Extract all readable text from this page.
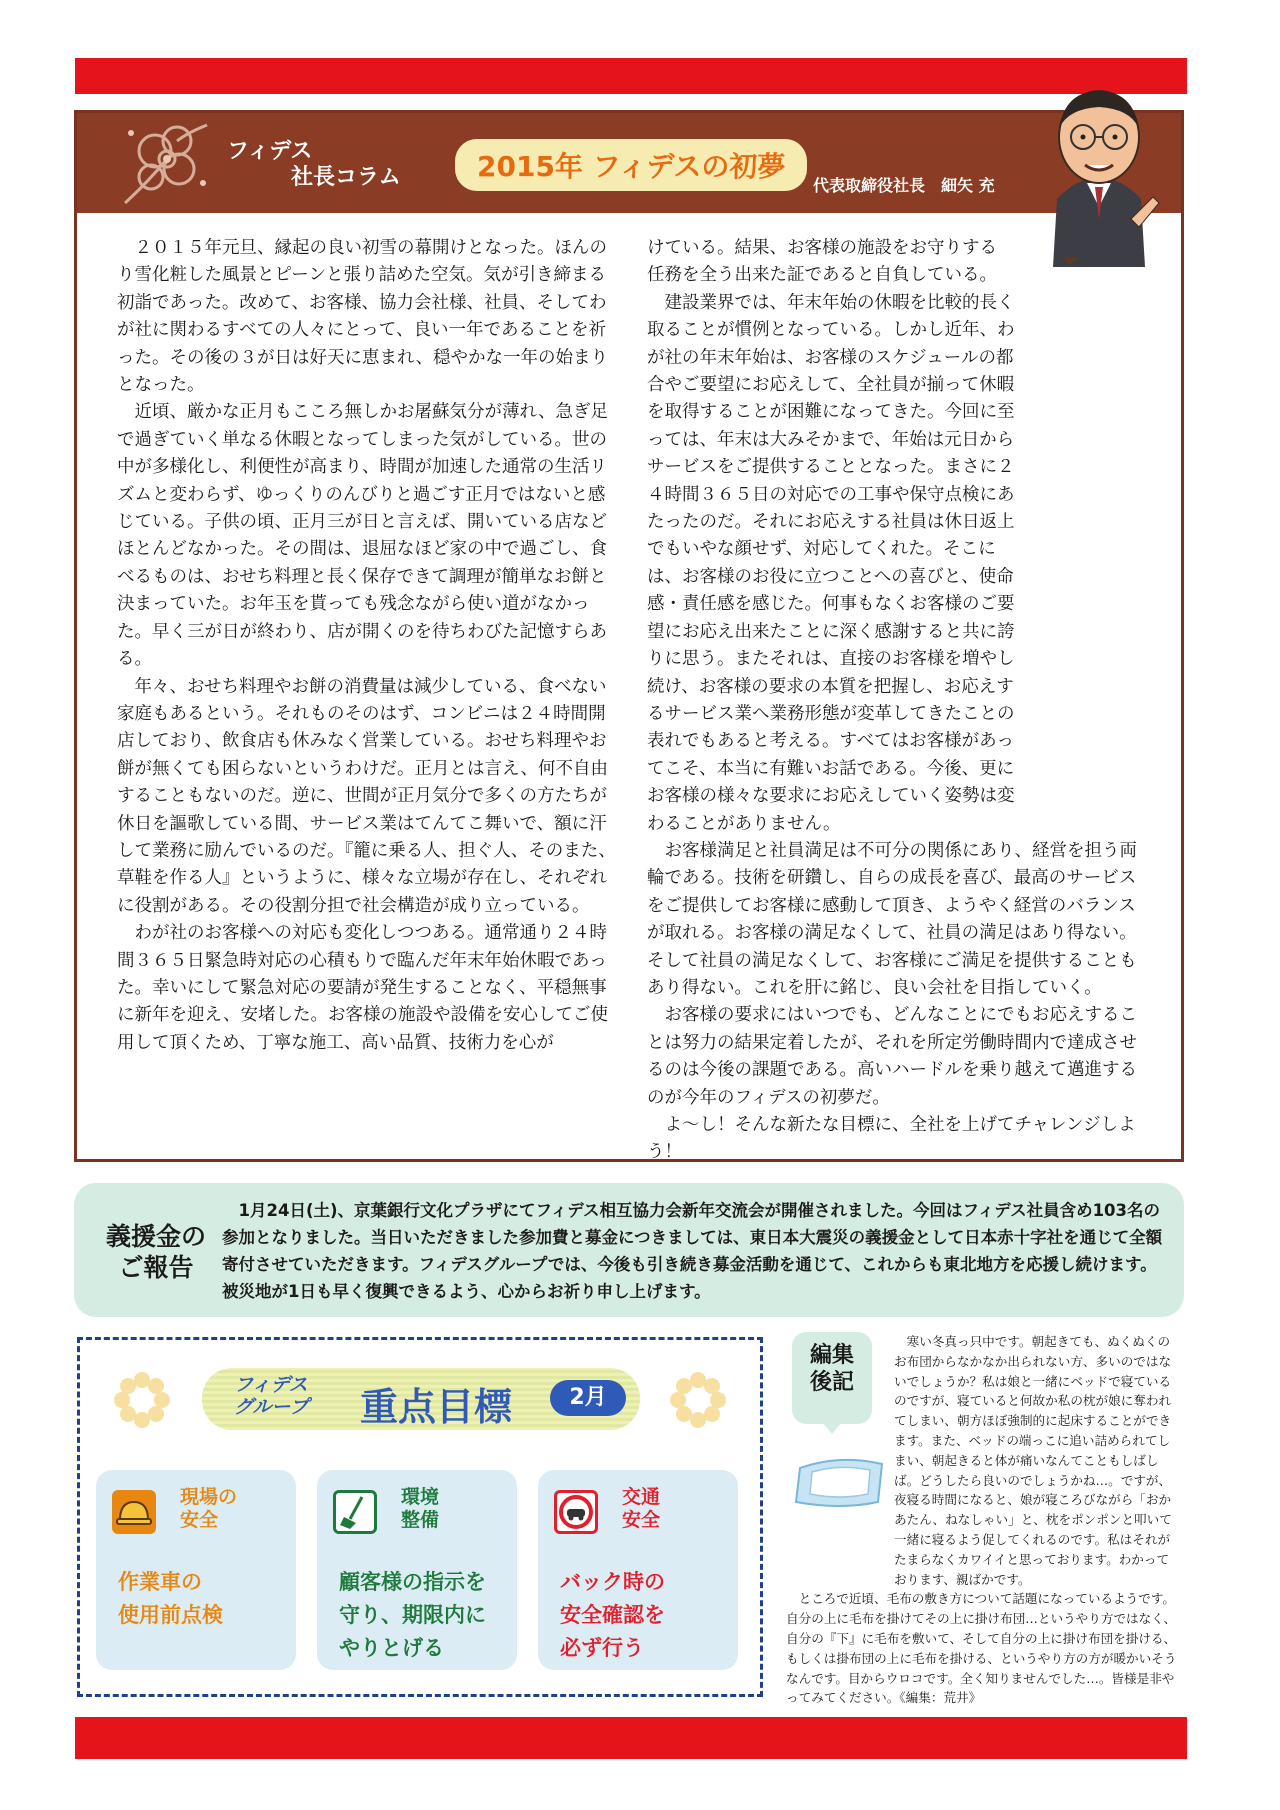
フィデス
社長コラム	2015年 フィデスの初夢
代表取締役社長　細矢 充

２０１５年元旦、縁起の良い初雪の幕開けとなった。ほんのり雪化粧した風景とピーンと張り詰めた空気。気が引き締まる初詣であった。改めて、お客様、協力会社様、社員、そしてわが社に関わるすべての人々にとって、良い一年であることを祈った。その後の３が日は好天に恵まれ、穏やかな一年の始まりとなった。

近頃、厳かな正月もこころ無しかお屠蘇気分が薄れ、急ぎ足で過ぎていく単なる休暇となってしまった気がしている。世の中が多様化し、利便性が高まり、時間が加速した通常の生活リズムと変わらず、ゆっくりのんびりと過ごす正月ではないと感じている。子供の頃、正月三が日と言えば、開いている店などほとんどなかった。その間は、退屈なほど家の中で過ごし、食べるものは、おせち料理と長く保存できて調理が簡単なお餅と決まっていた。お年玉を貰っても残念ながら使い道がなかった。早く三が日が終わり、店が開くのを待ちわびた記憶すらある。

年々、おせち料理やお餅の消費量は減少している、食べない家庭もあるという。それものそのはず、コンビニは２４時間開店しており、飲食店も休みなく営業している。おせち料理やお餅が無くても困らないというわけだ。正月とは言え、何不自由することもないのだ。逆に、世間が正月気分で多くの方たちが休日を謳歌している間、サービス業はてんてこ舞いで、額に汗して業務に励んでいるのだ。『籠に乗る人、担ぐ人、そのまた、草鞋を作る人』というように、様々な立場が存在し、それぞれに役割がある。その役割分担で社会構造が成り立っている。

わが社のお客様への対応も変化しつつある。通常通り２４時間３６５日緊急時対応の心積もりで臨んだ年末年始休暇であった。幸いにして緊急対応の要請が発生することなく、平穏無事に新年を迎え、安堵した。お客様の施設や設備を安心してご使用して頂くため、丁寧な施工、高い品質、技術力を心が

けている。結果、お客様の施設をお守りする任務を全う出来た証であると自負している。

建設業界では、年末年始の休暇を比較的長く取ることが慣例となっている。しかし近年、わが社の年末年始は、お客様のスケジュールの都合やご要望にお応えして、全社員が揃って休暇を取得することが困難になってきた。今回に至っては、年末は大みそかまで、年始は元日からサービスをご提供することとなった。まさに２４時間３６５日の対応での工事や保守点検にあたったのだ。それにお応えする社員は休日返上でもいやな顔せず、対応してくれた。そこには、お客様のお役に立つことへの喜びと、使命感・責任感を感じた。何事もなくお客様のご要望にお応え出来たことに深く感謝すると共に誇りに思う。またそれは、直接のお客様を増やし続け、お客様の要求の本質を把握し、お応えするサービス業へ業務形態が変革してきたことの表れでもあると考える。すべてはお客様があってこそ、本当に有難いお話である。今後、更にお客様の様々な要求にお応えしていく姿勢は変わることがありません。

お客様満足と社員満足は不可分の関係にあり、経営を担う両輪である。技術を研鑽し、自らの成長を喜び、最高のサービスをご提供してお客様に感動して頂き、ようやく経営のバランスが取れる。お客様の満足なくして、社員の満足はあり得ない。そして社員の満足なくして、お客様にご満足を提供することもあり得ない。これを肝に銘じ、良い会社を目指していく。

お客様の要求にはいつでも、どんなことにでもお応えすることは努力の結果定着したが、それを所定労働時間内で達成させるのは今後の課題である。高いハードルを乗り越えて邁進するのが今年のフィデスの初夢だ。

よ～し！そんな新たな目標に、全社を上げてチャレンジしよう！

義援金の
ご報告
1月24日(土)、京葉銀行文化プラザにてフィデス相互協力会新年交流会が開催されました。今回はフィデス社員含め103名の参加となりました。当日いただきました参加費と募金につきましては、東日本大震災の義援金として日本赤十字社を通じて全額寄付させていただきます。フィデスグループでは、今後も引き続き募金活動を通じて、これからも東北地方を応援し続けます。被災地が1日も早く復興できるよう、心からお祈り申し上げます。
フィデス
グループ 重点目標	2月
現場の
安全
作業車の
使用前点検
環境
整備
顧客様の指示を
守り、期限内に
やりとげる
交通
安全
バック時の
安全確認を
必ず行う
編集
後記

寒い冬真っ只中です。朝起きても、ぬくぬくのお布団からなかなか出られない方、多いのではないでしょうか？私は娘と一緒にベッドで寝ているのですが、寝ていると何故か私の枕が娘に奪われてしまい、朝方ほぼ強制的に起床することができます。また、ベッドの端っこに追い詰められてしまい、朝起きると体が痛いなんてこともしばしば。どうしたら良いのでしょうかね…。ですが、夜寝る時間になると、娘が寝ころびながら「おかあたん、ねなしゃい」と、枕をポンポンと叩いて一緒に寝るよう促してくれるのです。私はそれがたまらなくカワイイと思っております。わかっております、親ばかです。

ところで近頃、毛布の敷き方について話題になっているようです。自分の上に毛布を掛けてその上に掛け布団…というやり方ではなく、自分の『下』に毛布を敷いて、そして自分の上に掛け布団を掛ける、もしくは掛布団の上に毛布を掛ける、というやり方の方が暖かいそうなんです。目からウロコです。全く知りませんでした…。皆様是非やってみてください。《編集：荒井》
